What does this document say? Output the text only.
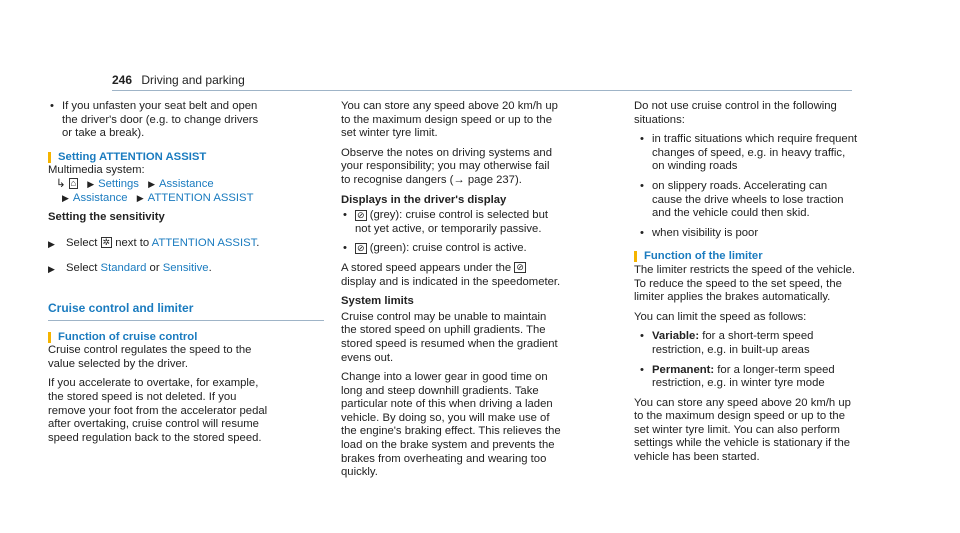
246 Driving and parking
• If you unfasten your seat belt and open the driver's door (e.g. to change drivers or take a break).
Setting ATTENTION ASSIST
Multimedia system:
↳ ⌂ ▶ Settings ▶ Assistance
▶ Assistance ▶ ATTENTION ASSIST
Setting the sensitivity
▶ Select ✲ next to ATTENTION ASSIST.
▶ Select Standard or Sensitive.
Cruise control and limiter
Function of cruise control

Cruise control regulates the speed to the value selected by the driver.

If you accelerate to overtake, for example, the stored speed is not deleted. If you remove your foot from the accelerator pedal after overtaking, cruise control will resume speed regulation back to the stored speed.

You can store any speed above 20 km/h up to the maximum design speed or up to the set winter tyre limit.

Observe the notes on driving systems and your responsibility; you may otherwise fail to recognise dangers (→ page 237).

Displays in the driver's display
• ⊘ (grey): cruise control is selected but not yet active, or temporarily passive.
• ⊘ (green): cruise control is active.

A stored speed appears under the ⊘ display and is indicated in the speedometer.

System limits

Cruise control may be unable to maintain the stored speed on uphill gradients. The stored speed is resumed when the gradient evens out.

Change into a lower gear in good time on long and steep downhill gradients. Take particular note of this when driving a laden vehicle. By doing so, you will make use of the engine's braking effect. This relieves the load on the brake system and prevents the brakes from overheating and wearing too quickly.

Do not use cruise control in the following situations:

• in traffic situations which require frequent changes of speed, e.g. in heavy traffic, on winding roads
• on slippery roads. Accelerating can cause the drive wheels to lose traction and the vehicle could then skid.
• when visibility is poor
Function of the limiter

The limiter restricts the speed of the vehicle. To reduce the speed to the set speed, the limiter applies the brakes automatically.

You can limit the speed as follows:

• Variable: for a short-term speed restriction, e.g. in built-up areas
• Permanent: for a longer-term speed restriction, e.g. in winter tyre mode

You can store any speed above 20 km/h up to the maximum design speed or up to the set winter tyre limit. You can also perform settings while the vehicle is stationary if the vehicle has been started.
